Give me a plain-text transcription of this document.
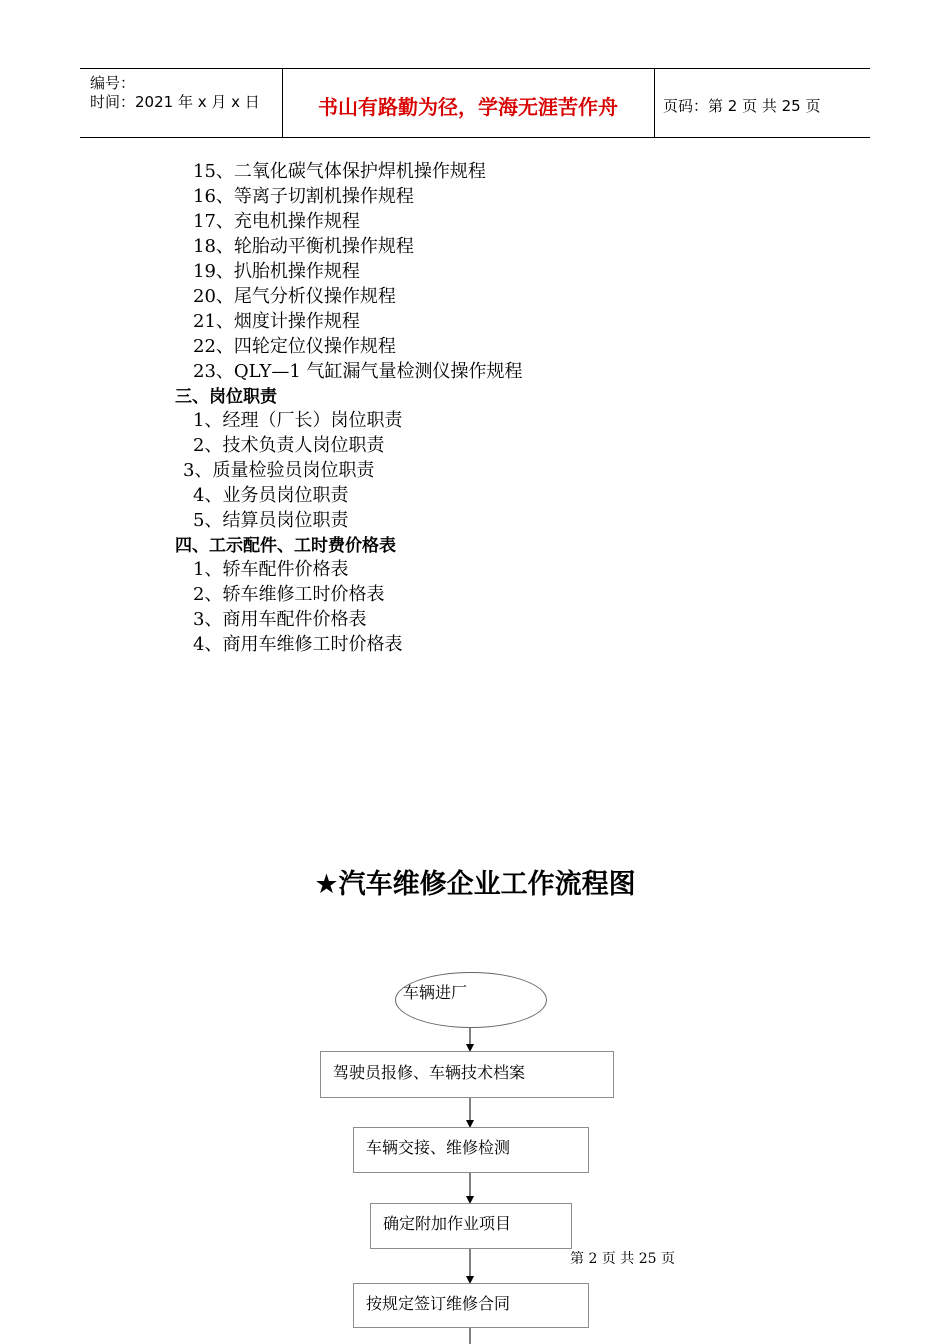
编号：
时间：2021 年 x 月 x 日	书山有路勤为径，学海无涯苦作舟	页码：第 2 页 共 25 页
15、二氧化碳气体保护焊机操作规程
16、等离子切割机操作规程
17、充电机操作规程
18、轮胎动平衡机操作规程
19、扒胎机操作规程
20、尾气分析仪操作规程
21、烟度计操作规程
22、四轮定位仪操作规程
23、QLY—1 气缸漏气量检测仪操作规程
三、岗位职责
1、经理（厂长）岗位职责
2、技术负责人岗位职责
3、质量检验员岗位职责
4、业务员岗位职责
5、结算员岗位职责
四、工示配件、工时费价格表
1、轿车配件价格表
2、轿车维修工时价格表
3、商用车配件价格表
4、商用车维修工时价格表
★汽车维修企业工作流程图
车辆进厂
驾驶员报修、车辆技术档案
车辆交接、维修检测
确定附加作业项目
按规定签订维修合同
第 2 页 共 25 页
